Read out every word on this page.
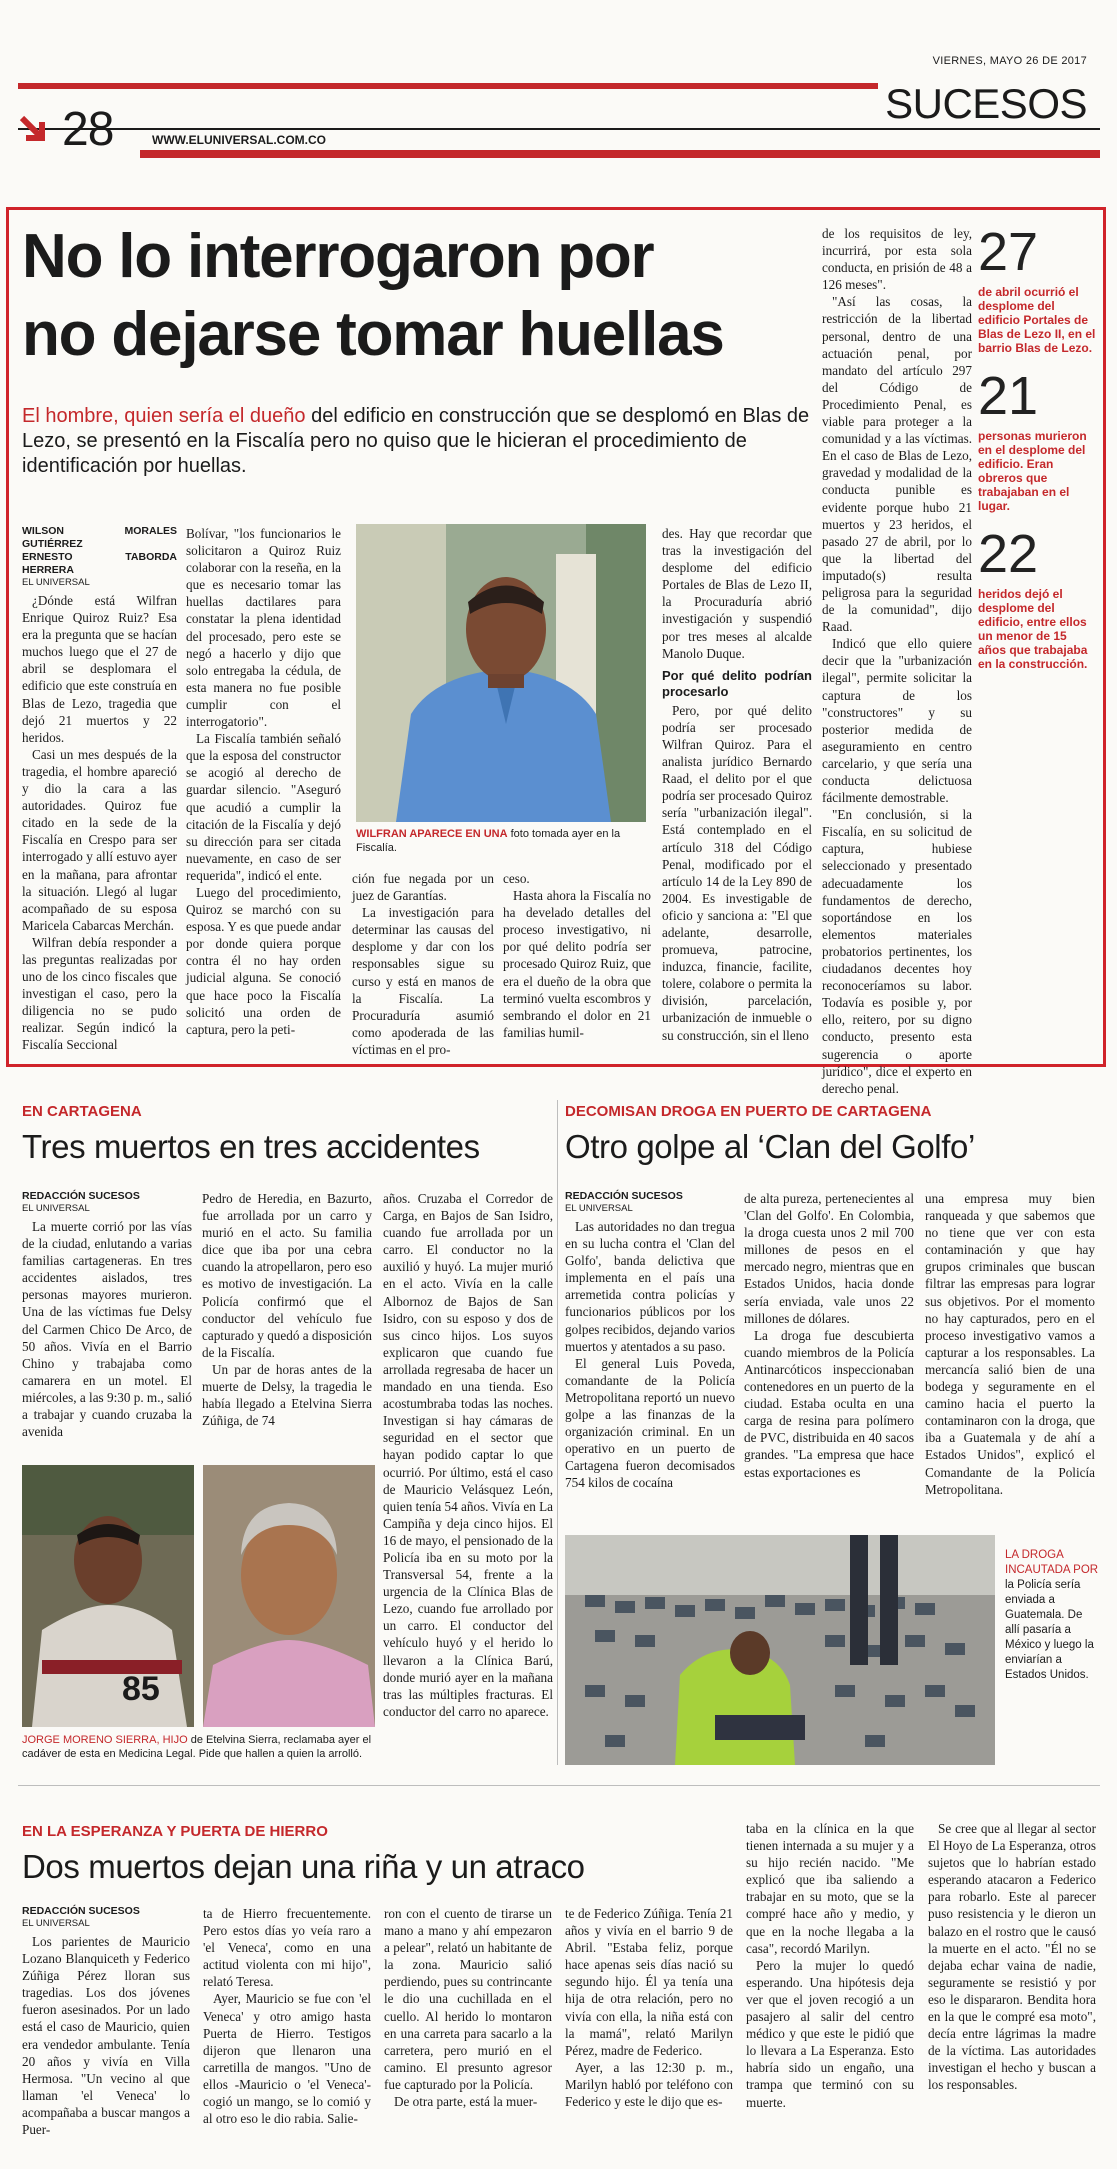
VIERNES, MAYO 26 DE 2017
SUCESOS
28	WWW.ELUNIVERSAL.COM.CO
No lo interrogaron por
no dejarse tomar huellas
El hombre, quien sería el dueño del edificio en construcción que se desplomó en Blas de Lezo, se presentó en la Fiscalía pero no quiso que le hicieran el procedimiento de identificación por huellas.
WILSON MORALES GUTIÉRREZ
ERNESTO TABORDA HERRERA
EL UNIVERSAL

¿Dónde está Wilfran Enrique Quiroz Ruiz? Esa era la pregunta que se hacían muchos luego que el 27 de abril se desplomara el edificio que este construía en Blas de Lezo, tragedia que dejó 21 muertos y 22 heridos.

Casi un mes después de la tragedia, el hombre apareció y dio la cara a las autoridades. Quiroz fue citado en la sede de la Fiscalía en Crespo para ser interrogado y allí estuvo ayer en la mañana, para afrontar la situación. Llegó al lugar acompañado de su esposa Maricela Cabarcas Merchán.

Wilfran debía responder a las preguntas realizadas por uno de los cinco fiscales que investigan el caso, pero la diligencia no se pudo realizar. Según indicó la Fiscalía Seccional

Bolívar, "los funcionarios le solicitaron a Quiroz Ruiz colaborar con la reseña, en la que es necesario tomar las huellas dactilares para constatar la plena identidad del procesado, pero este se negó a hacerlo y dijo que solo entregaba la cédula, de esta manera no fue posible cumplir con el interrogatorio".

La Fiscalía también señaló que la esposa del constructor se acogió al derecho de guardar silencio. "Aseguró que acudió a cumplir la citación de la Fiscalía y dejó su dirección para ser citada nuevamente, en caso de ser requerida", indicó el ente.

Luego del procedimiento, Quiroz se marchó con su esposa. Y es que puede andar por donde quiera porque contra él no hay orden judicial alguna. Se conoció que hace poco la Fiscalía solicitó una orden de captura, pero la peti-

WILFRAN APARECE EN UNA foto tomada ayer en la Fiscalía.

ción fue negada por un juez de Garantías.

La investigación para determinar las causas del desplome y dar con los responsables sigue su curso y está en manos de la Fiscalía. La Procuraduría asumió como apoderada de las víctimas en el pro-

ceso.

Hasta ahora la Fiscalía no ha develado detalles del proceso investigativo, ni por qué delito podría ser procesado Quiroz Ruiz, que era el dueño de la obra que terminó vuelta escombros y sembrando el dolor en 21 familias humil-

des. Hay que recordar que tras la investigación del desplome del edificio Portales de Blas de Lezo II, la Procuraduría abrió investigación y suspendió por tres meses al alcalde Manolo Duque.

Por qué delito podrían procesarlo

Pero, por qué delito podría ser procesado Wilfran Quiroz. Para el analista jurídico Bernardo Raad, el delito por el que podría ser procesado Quiroz sería "urbanización ilegal". Está contemplado en el artículo 318 del Código Penal, modificado por el artículo 14 de la Ley 890 de 2004. Es investigable de oficio y sanciona a: "El que adelante, desarrolle, promueva, patrocine, induzca, financie, facilite, tolere, colabore o permita la división, parcelación, urbanización de inmueble o su construcción, sin el lleno

de los requisitos de ley, incurrirá, por esta sola conducta, en prisión de 48 a 126 meses".

"Así las cosas, la restricción de la libertad personal, dentro de una actuación penal, por mandato del artículo 297 del Código de Procedimiento Penal, es viable para proteger a la comunidad y a las víctimas. En el caso de Blas de Lezo, gravedad y modalidad de la conducta punible es evidente porque hubo 21 muertos y 23 heridos, el pasado 27 de abril, por lo que la libertad del imputado(s) resulta peligrosa para la seguridad de la comunidad", dijo Raad.

Indicó que ello quiere decir que la "urbanización ilegal", permite solicitar la captura de los "constructores" y su posterior medida de aseguramiento en centro carcelario, y que sería una conducta delictuosa fácilmente demostrable.

"En conclusión, si la Fiscalía, en su solicitud de captura, hubiese seleccionado y presentado adecuadamente los fundamentos de derecho, soportándose en los elementos materiales probatorios pertinentes, los ciudadanos decentes hoy reconoceríamos su labor. Todavía es posible y, por ello, reitero, por su digno conducto, presento esta sugerencia o aporte jurídico", dice el experto en derecho penal.

27
de abril ocurrió el desplome del edificio Portales de Blas de Lezo II, en el barrio Blas de Lezo.
21
personas murieron en el desplome del edificio. Eran obreros que trabajaban en el lugar.
22
heridos dejó el desplome del edificio, entre ellos un menor de 15 años que trabajaba en la construcción.
EN CARTAGENA
Tres muertos en tres accidentes
REDACCIÓN SUCESOS
EL UNIVERSAL

La muerte corrió por las vías de la ciudad, enlutando a varias familias cartageneras. En tres accidentes aislados, tres personas mayores murieron. Una de las víctimas fue Delsy del Carmen Chico De Arco, de 50 años. Vivía en el Barrio Chino y trabajaba como camarera en un motel. El miércoles, a las 9:30 p. m., salió a trabajar y cuando cruzaba la avenida

Pedro de Heredia, en Bazurto, fue arrollada por un carro y murió en el acto. Su familia dice que iba por una cebra cuando la atropellaron, pero eso es motivo de investigación. La Policía confirmó que el conductor del vehículo fue capturado y quedó a disposición de la Fiscalía.

Un par de horas antes de la muerte de Delsy, la tragedia le había llegado a Etelvina Sierra Zúñiga, de 74

años. Cruzaba el Corredor de Carga, en Bajos de San Isidro, cuando fue arrollada por un carro. El conductor no la auxilió y huyó. La mujer murió en el acto. Vivía en la calle Albornoz de Bajos de San Isidro, con su esposo y dos de sus cinco hijos. Los suyos explicaron que cuando fue arrollada regresaba de hacer un mandado en una tienda. Eso acostumbraba todas las noches. Investigan si hay cámaras de seguridad en el sector que hayan podido captar lo que ocurrió. Por último, está el caso de Mauricio Velásquez León, quien tenía 54 años. Vivía en La Campiña y deja cinco hijos. El 16 de mayo, el pensionado de la Policía iba en su moto por la Transversal 54, frente a la urgencia de la Clínica Blas de Lezo, cuando fue arrollado por un carro. El conductor del vehículo huyó y el herido lo llevaron a la Clínica Barú, donde murió ayer en la mañana tras las múltiples fracturas. El conductor del carro no aparece.

85
JORGE MORENO SIERRA, HIJO de Etelvina Sierra, reclamaba ayer el cadáver de esta en Medicina Legal. Pide que hallen a quien la arrolló.
DECOMISAN DROGA EN PUERTO DE CARTAGENA
Otro golpe al ‘Clan del Golfo’
REDACCIÓN SUCESOS
EL UNIVERSAL

Las autoridades no dan tregua en su lucha contra el 'Clan del Golfo', banda delictiva que implementa en el país una arremetida contra policías y funcionarios públicos por los golpes recibidos, dejando varios muertos y atentados a su paso.

El general Luis Poveda, comandante de la Policía Metropolitana reportó un nuevo golpe a las finanzas de la organización criminal. En un operativo en un puerto de Cartagena fueron decomisados 754 kilos de cocaína

de alta pureza, pertenecientes al 'Clan del Golfo'. En Colombia, la droga cuesta unos 2 mil 700 millones de pesos en el mercado negro, mientras que en Estados Unidos, hacia donde sería enviada, vale unos 22 millones de dólares.

La droga fue descubierta cuando miembros de la Policía Antinarcóticos inspeccionaban contenedores en un puerto de la ciudad. Estaba oculta en una carga de resina para polímero de PVC, distribuida en 40 sacos grandes. "La empresa que hace estas exportaciones es

una empresa muy bien ranqueada y que sabemos que no tiene que ver con esta contaminación y que hay grupos criminales que buscan filtrar las empresas para lograr sus objetivos. Por el momento no hay capturados, pero en el proceso investigativo vamos a capturar a los responsables. La mercancía salió bien de una bodega y seguramente en el camino hacia el puerto la contaminaron con la droga, que iba a Guatemala y de ahí a Estados Unidos", explicó el Comandante de la Policía Metropolitana.

LA DROGA INCAUTADA POR la Policía sería enviada a Guatemala. De allí pasaría a México y luego la enviarían a Estados Unidos.
EN LA ESPERANZA Y PUERTA DE HIERRO
Dos muertos dejan una riña y un atraco
REDACCIÓN SUCESOS
EL UNIVERSAL

Los parientes de Mauricio Lozano Blanquiceth y Federico Zúñiga Pérez lloran sus tragedias. Los dos jóvenes fueron asesinados. Por un lado está el caso de Mauricio, quien era vendedor ambulante. Tenía 20 años y vivía en Villa Hermosa. "Un vecino al que llaman 'el Veneca' lo acompañaba a buscar mangos a Puer-

ta de Hierro frecuentemente. Pero estos días yo veía raro a 'el Veneca', como en una actitud violenta con mi hijo", relató Teresa.

Ayer, Mauricio se fue con 'el Veneca' y otro amigo hasta Puerta de Hierro. Testigos dijeron que llenaron una carretilla de mangos. "Uno de ellos -Mauricio o 'el Veneca'- cogió un mango, se lo comió y al otro eso le dio rabia. Salie-

ron con el cuento de tirarse un mano a mano y ahí empezaron a pelear", relató un habitante de la zona. Mauricio salió perdiendo, pues su contrincante le dio una cuchillada en el cuello. Al herido lo montaron en una carreta para sacarlo a la carretera, pero murió en el camino. El presunto agresor fue capturado por la Policía.

De otra parte, está la muer-

te de Federico Zúñiga. Tenía 21 años y vivía en el barrio 9 de Abril. "Estaba feliz, porque hace apenas seis días nació su segundo hijo. Él ya tenía una hija de otra relación, pero no vivía con ella, la niña está con la mamá", relató Marilyn Pérez, madre de Federico.

Ayer, a las 12:30 p. m., Marilyn habló por teléfono con Federico y este le dijo que es-

taba en la clínica en la que tienen internada a su mujer y a su hijo recién nacido. "Me explicó que iba saliendo a trabajar en su moto, que se la compré hace año y medio, y que en la noche llegaba a la casa", recordó Marilyn.

Pero la mujer lo quedó esperando. Una hipótesis deja ver que el joven recogió a un pasajero al salir del centro médico y que este le pidió que lo llevara a La Esperanza. Esto habría sido un engaño, una trampa que terminó con su muerte.

Se cree que al llegar al sector El Hoyo de La Esperanza, otros sujetos que lo habrían estado esperando atacaron a Federico para robarlo. Este al parecer puso resistencia y le dieron un balazo en el rostro que le causó la muerte en el acto. "Él no se dejaba echar vaina de nadie, seguramente se resistió y por eso le dispararon. Bendita hora en la que le compré esa moto", decía entre lágrimas la madre de la víctima. Las autoridades investigan el hecho y buscan a los responsables.
